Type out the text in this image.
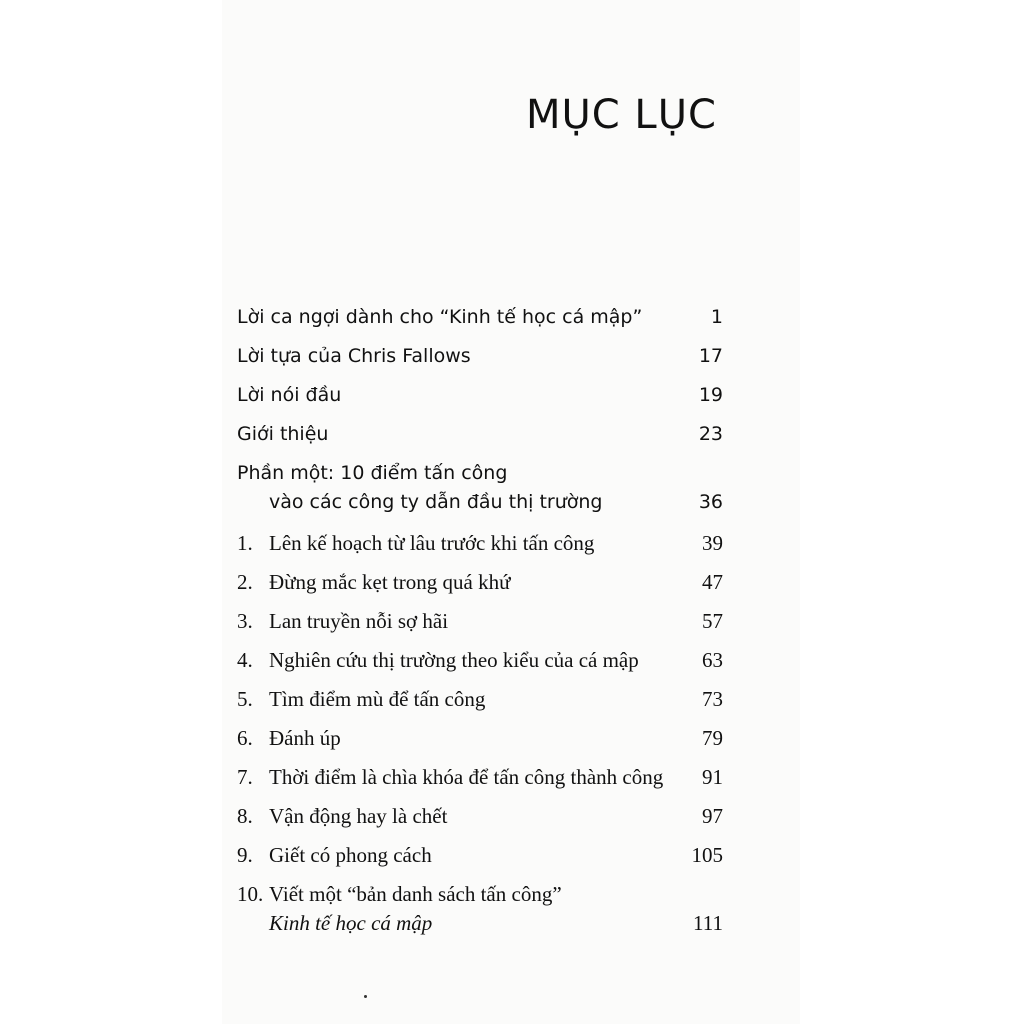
MỤC LỤC
Lời ca ngợi dành cho “Kinh tế học cá mập”	1
Lời tựa của Chris Fallows	17
Lời nói đầu	19
Giới thiệu	23
Phần một: 10 điểm tấn công
vào các công ty dẫn đầu thị trường	36
1. Lên kế hoạch từ lâu trước khi tấn công	39
2. Đừng mắc kẹt trong quá khứ	47
3. Lan truyền nỗi sợ hãi	57
4. Nghiên cứu thị trường theo kiểu của cá mập	63
5. Tìm điểm mù để tấn công	73
6. Đánh úp	79
7. Thời điểm là chìa khóa để tấn công thành công 91
8. Vận động hay là chết	97
9. Giết có phong cách	105
10. Viết một “bản danh sách tấn công”
Kinh tế học cá mập	111
